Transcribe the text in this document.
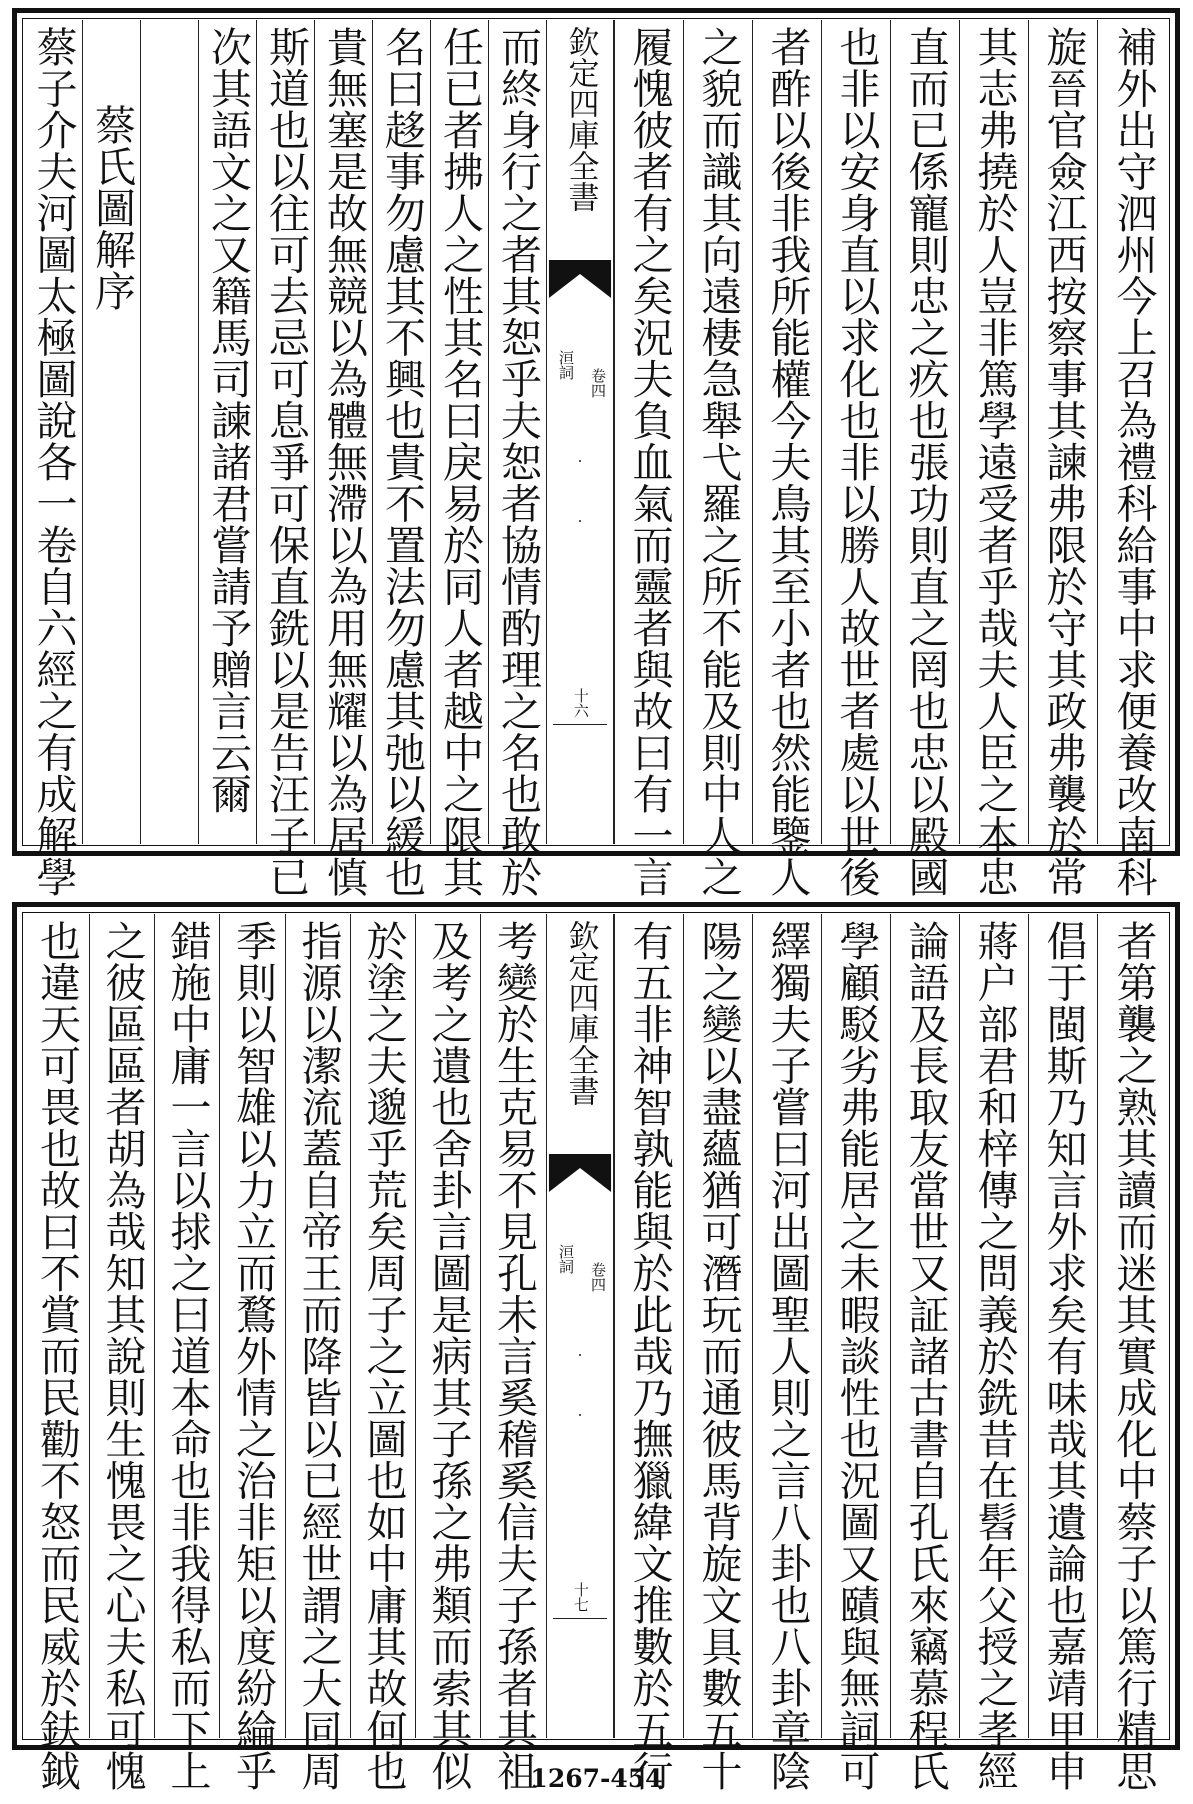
蔡子介夫河圖太極圖說各一卷自六經之有成解學 蔡氏圖解序 次其語文之又籍馬司諫諸君嘗請予贈言云爾 斯道也以往可去忌可息爭可保直銑以是告汪子已 貴無塞是故無競以為體無滯以為用無耀以為居慎 名曰趍事勿慮其不興也貴不置法勿慮其弛以緩也 任已者拂人之性其名曰戾易於同人者越中之限其 而終身行之者其恕乎夫恕者協情酌理之名也敢於 欽定四庫全書
洹詞
卷四
十六 履愧彼者有之矣況夫負血氣而靈者與故曰有一言 之貌而識其向遠棲急舉弋羅之所不能及則中人之 者酢以後非我所能權今夫鳥其至小者也然能鑒人 也非以安身直以求化也非以勝人故世者處以世後 直而已係寵則忠之疚也張功則直之罔也忠以殿國 其志弗撓於人豈非篤學遠受者乎哉夫人臣之本忠 旋晉官僉江西按察事其諫弗限於守其政弗襲於常 補外出守泗州今上召為禮科給事中求便養改南科
也違天可畏也故曰不賞而民勸不怒而民威於鈇鉞 之彼區區者胡為哉知其說則生愧畏之心夫私可愧 錯施中庸一言以捄之曰道本命也非我得私而下上 季則以智雄以力立而鶩外情之治非矩以度紛綸乎 指源以潔流蓋自帝王而降皆以已經世謂之大同周 於塗之夫邈乎荒矣周子之立圖也如中庸其故何也 及考之遺也舍卦言圖是病其子孫之弗類而索其似 考變於生克易不見孔未言奚稽奚信夫子孫者其祖 欽定四庫全書
洹詞
卷四
十七 有五非神智孰能與於此哉乃撫獵緯文推數於五行 陽之變以盡蘊猶可潛玩而通彼馬背旋文具數五十 繹獨夫子嘗曰河出圖聖人則之言八卦也八卦章陰 學顧駁劣弗能居之未暇談性也況圖又賾與無詞可 論語及長取友當世又証諸古書自孔氏來竊慕程氏 蔣户部君和梓傳之問義於銑昔在髫年父授之孝經 倡于閩斯乃知言外求矣有味哉其遺論也嘉靖甲申 者第襲之熟其讀而迷其實成化中蔡子以篤行精思
1267-454
